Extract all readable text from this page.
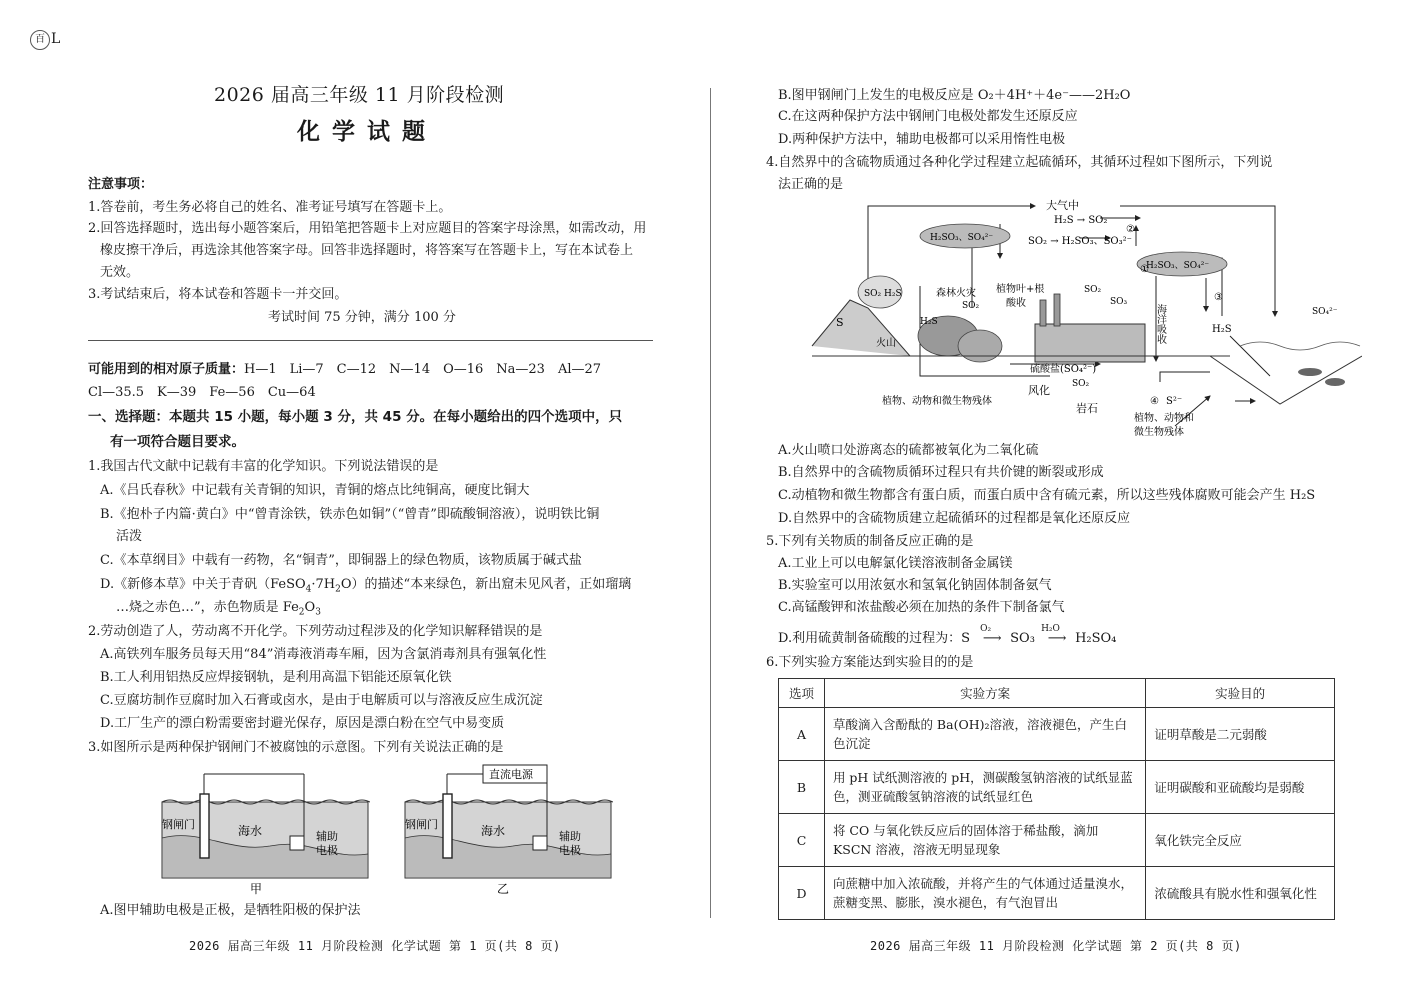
百 L
2026 届高三年级 11 月阶段检测
化学试题
注意事项：
1.答卷前，考生务必将自己的姓名、准考证号填写在答题卡上。
2.回答选择题时，选出每小题答案后，用铅笔把答题卡上对应题目的答案字母涂黑，如需改动，用
橡皮擦干净后，再选涂其他答案字母。回答非选择题时，将答案写在答题卡上，写在本试卷上
无效。
3.考试结束后，将本试卷和答题卡一并交回。
考试时间 75 分钟，满分 100 分
可能用到的相对原子质量：H—1　Li—7　C—12　N—14　O—16　Na—23　Al—27
Cl—35.5　K—39　Fe—56　Cu—64
一、选择题：本题共 15 小题，每小题 3 分，共 45 分。在每小题给出的四个选项中，只
有一项符合题目要求。
1.我国古代文献中记载有丰富的化学知识。下列说法错误的是
A.《吕氏春秋》中记载有关青铜的知识，青铜的熔点比纯铜高，硬度比铜大
B.《抱朴子内篇·黄白》中“曾青涂铁，铁赤色如铜”（“曾青”即硫酸铜溶液），说明铁比铜
活泼
C.《本草纲目》中载有一药物，名“铜青”，即铜器上的绿色物质，该物质属于碱式盐
D.《新修本草》中关于青矾$(FeSO_4\cdot 7H_2O)$的描述“本来绿色，新出窟未见风者，正如瑠璃
…烧之赤色…”，赤色物质是 $Fe_2O_3$
2.劳动创造了人，劳动离不开化学。下列劳动过程涉及的化学知识解释错误的是
A.高铁列车服务员每天用“84”消毒液消毒车厢，因为含氯消毒剂具有强氧化性
B.工人利用铝热反应焊接钢轨，是利用高温下铝能还原氧化铁
C.豆腐坊制作豆腐时加入石膏或卤水，是由于电解质可以与溶液反应生成沉淀
D.工厂生产的漂白粉需要密封避光保存，原因是漂白粉在空气中易变质
3.如图所示是两种保护钢闸门不被腐蚀的示意图。下列有关说法正确的是
钢闸门	海水	辅助
电极
甲
直流电源
钢闸门	海水	辅助
电极
乙
A.图甲辅助电极是正极，是牺牲阳极的保护法
2026 届高三年级 11 月阶段检测 化学试题 第 1 页(共 8 页)
B.图甲钢闸门上发生的电极反应是 O₂＋4H⁺＋4e⁻——2H₂O
C.在这两种保护方法中钢闸门电极处都发生还原反应
D.两种保护方法中，辅助电极都可以采用惰性电极
4.自然界中的含硫物质通过各种化学过程建立起硫循环，其循环过程如下图所示，下列说
法正确的是
大气中
H₂S → SO₂
②
SO₂ → H₂SO₃、SO₃²⁻
①
H₂SO₃、SO₄²⁻
H₂SO₃、SO₄²⁻
SO₂ H₂S	森林火灾 植物叶+根
酸收
SO₂
SO₂
SO₃
H₂S
H₂S
S
火山	海洋吸收
③
硫酸盐(SO₄²⁻)
SO₂
风化
岩石
④ S²⁻
SO₄²⁻
植物、动物和微生物残体
植物、动物和
微生物残体
A.火山喷口处游离态的硫都被氧化为二氧化硫
B.自然界中的含硫物质循环过程只有共价键的断裂或形成
C.动植物和微生物都含有蛋白质，而蛋白质中含有硫元素，所以这些残体腐败可能会产生 H₂S
D.自然界中的含硫物质建立起硫循环的过程都是氧化还原反应
5.下列有关物质的制备反应正确的是
A.工业上可以电解氯化镁溶液制备金属镁
B.实验室可以用浓氨水和氢氧化钠固体制备氨气
C.高锰酸钾和浓盐酸必须在加热的条件下制备氯气
D.利用硫黄制备硫酸的过程为：S
O₂
⟶ SO₃
H₂O
⟶ H₂SO₄
6.下列实验方案能达到实验目的的是
选项	实验方案	实验目的
A	草酸滴入含酚酞的 Ba(OH)₂溶液，溶液褪色，产生白色沉淀	证明草酸是二元弱酸
B	用 pH 试纸测溶液的 pH，测碳酸氢钠溶液的试纸显蓝色，测亚硫酸氢钠溶液的试纸显红色	证明碳酸和亚硫酸均是弱酸
C	将 CO 与氧化铁反应后的固体溶于稀盐酸，滴加 KSCN 溶液，溶液无明显现象	氧化铁完全反应
D	向蔗糖中加入浓硫酸，并将产生的气体通过适量溴水，蔗糖变黑、膨胀，溴水褪色，有气泡冒出	浓硫酸具有脱水性和强氧化性
2026 届高三年级 11 月阶段检测 化学试题 第 2 页(共 8 页)
